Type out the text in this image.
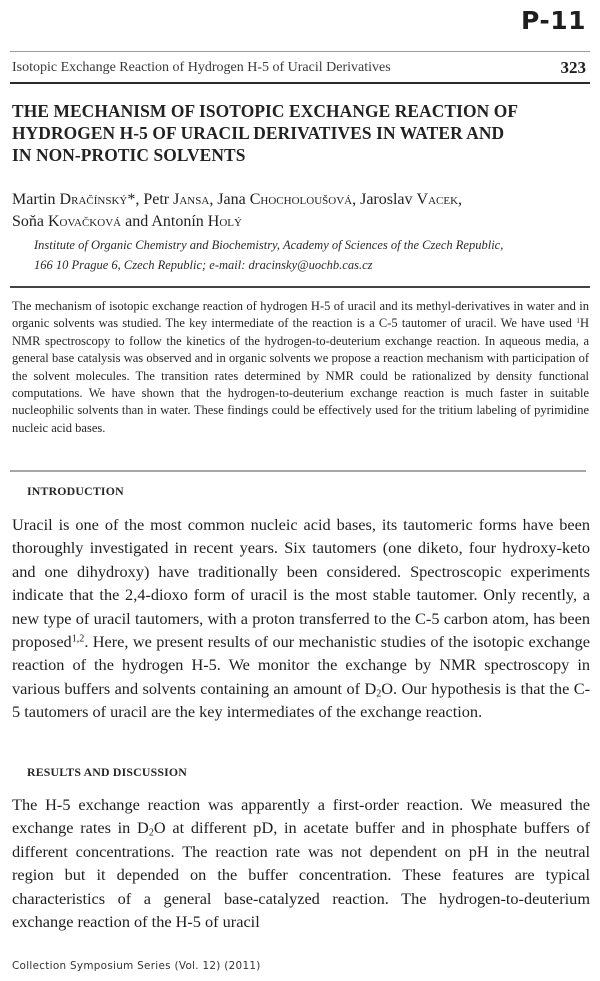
P-11
Isotopic Exchange Reaction of Hydrogen H-5 of Uracil Derivatives	323
THE MECHANISM OF ISOTOPIC EXCHANGE REACTION OF
HYDROGEN H-5 OF URACIL DERIVATIVES IN WATER AND
IN NON-PROTIC SOLVENTS
Martin Dračínský*, Petr Jansa, Jana Chocholoušová, Jaroslav Vacek,
Soňa Kovačková and Antonín Holý
Institute of Organic Chemistry and Biochemistry, Academy of Sciences of the Czech Republic,
166 10 Prague 6, Czech Republic; e-mail: dracinsky@uochb.cas.cz
The mechanism of isotopic exchange reaction of hydrogen H-5 of uracil and its methyl-derivatives in water and in organic solvents was studied. The key intermediate of the reaction is a C-5 tautomer of uracil. We have used $^1$H NMR spectroscopy to follow the kinetics of the hydrogen-to-deuterium exchange reaction. In aqueous media, a general base catalysis was observed and in organic solvents we propose a reaction mechanism with participation of the solvent molecules. The transition rates determined by NMR could be rationalized by density functional computations. We have shown that the hydrogen-to-deuterium exchange reaction is much faster in suitable nucleophilic solvents than in water. These findings could be effectively used for the tritium labeling of pyrimidine nucleic acid bases.
INTRODUCTION
Uracil is one of the most common nucleic acid bases, its tautomeric forms have been thoroughly investigated in recent years. Six tautomers (one diketo, four hydroxy-keto and one dihydroxy) have traditionally been considered. Spectroscopic experiments indicate that the 2,4-dioxo form of uracil is the most stable tautomer. Only recently, a new type of uracil tautomers, with a proton transferred to the C-5 carbon atom, has been proposed$^{1,2}$. Here, we present results of our mechanistic studies of the isotopic exchange reaction of the hydrogen H-5. We monitor the exchange by NMR spectroscopy in various buffers and solvents containing an amount of $D_2O$. Our hypothesis is that the C-5 tautomers of uracil are the key intermediates of the exchange reaction.
RESULTS AND DISCUSSION
The H-5 exchange reaction was apparently a first-order reaction. We measured the exchange rates in $D_2O$ at different pD, in acetate buffer and in phosphate buffers of different concentrations. The reaction rate was not dependent on pH in the neutral region but it depended on the buffer concentration. These features are typical characteristics of a general base-catalyzed reaction. The hydrogen-to-deuterium exchange reaction of the H-5 of uracil
Collection Symposium Series (Vol. 12) (2011)
